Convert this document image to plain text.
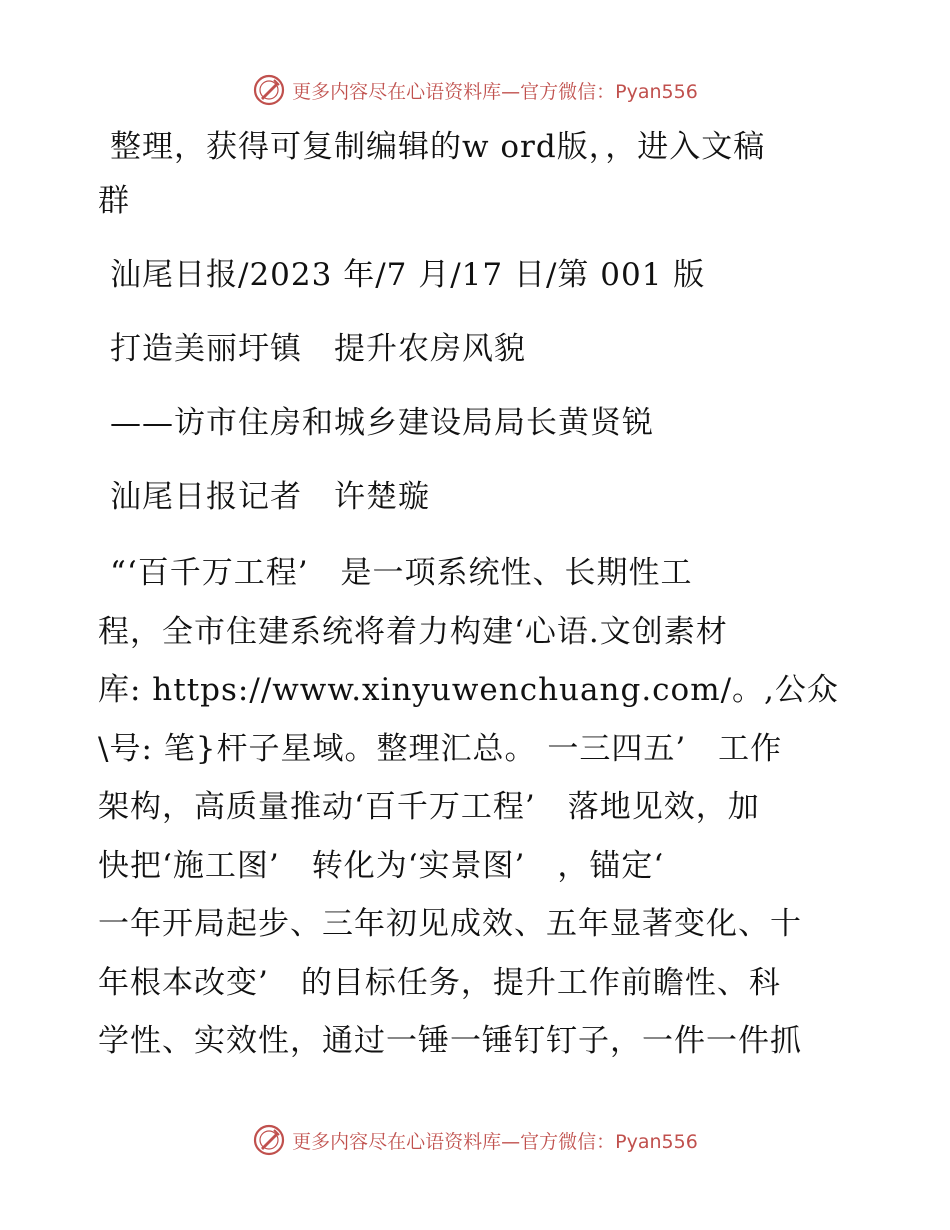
更多内容尽在心语资料库—官方微信：Pyan556
整理，获得可复制编辑的w ord版，，进入文稿
群
汕尾日报/2023 年/7 月/17 日/第 001 版
打造美丽圩镇　提升农房风貌
——访市住房和城乡建设局局长黄贤锐
汕尾日报记者　许楚璇
“‘百千万工程’　是一项系统性、长期性工
程，全市住建系统将着力构建‘心语.文创素材
库: https://www.xinyuwenchuang.com/。,公众
\号: 笔}杆子星域。整理汇总。 一三四五’　工作
架构，高质量推动‘百千万工程’　落地见效，加
快把‘施工图’　转化为‘实景图’　，锚定‘
一年开局起步、三年初见成效、五年显著变化、十
年根本改变’　的目标任务，提升工作前瞻性、科
学性、实效性，通过一锤一锤钉钉子，一件一件抓
更多内容尽在心语资料库—官方微信：Pyan556
